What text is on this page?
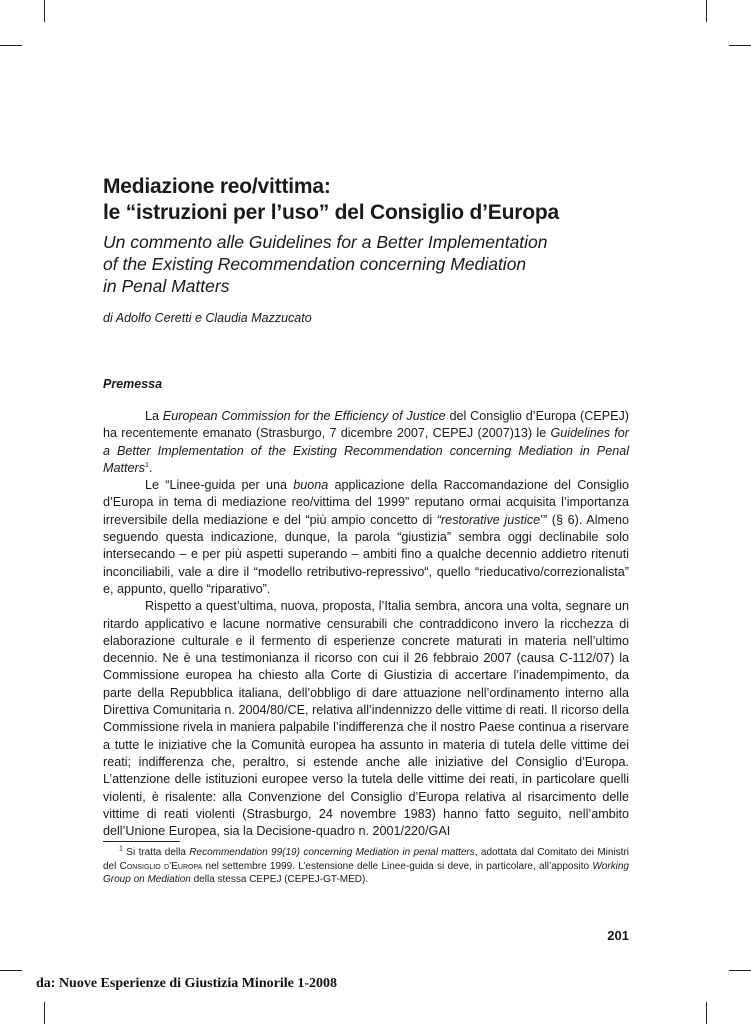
Mediazione reo/vittima:
le “istruzioni per l’uso” del Consiglio d’Europa
Un commento alle Guidelines for a Better Implementation
of the Existing Recommendation concerning Mediation
in Penal Matters

di Adolfo Ceretti e Claudia Mazzucato

Premessa

La European Commission for the Efficiency of Justice del Consiglio d’Europa (CEPEJ) ha recentemente emanato (Strasburgo, 7 dicembre 2007, CEPEJ (2007)13) le Guidelines for a Better Implementation of the Existing Recommendation concerning Mediation in Penal Matters$^1$.

Le “Linee-guida per una buona applicazione della Raccomandazione del Consiglio d’Europa in tema di mediazione reo/vittima del 1999” reputano ormai acquisita l’importanza irreversibile della mediazione e del “più ampio concetto di “restorative justice’” (§ 6). Almeno seguendo questa indicazione, dunque, la parola “giustizia” sembra oggi declinabile solo intersecando – e per più aspetti superando – ambiti fino a qualche decennio addietro ritenuti inconciliabili, vale a dire il “modello retributivo-repressivo“, quello “rieducativo/correzionalista” e, appunto, quello “riparativo”.

Rispetto a quest’ultima, nuova, proposta, l’Italia sembra, ancora una volta, segnare un ritardo applicativo e lacune normative censurabili che contraddicono invero la ricchezza di elaborazione culturale e il fermento di esperienze concrete maturati in materia nell’ultimo decennio. Ne è una testimonianza il ricorso con cui il 26 febbraio 2007 (causa C-112/07) la Commissione europea ha chiesto alla Corte di Giustizia di accertare l’inadempimento, da parte della Repubblica italiana, dell’obbligo di dare attuazione nell’ordinamento interno alla Direttiva Comunitaria n. 2004/80/CE, relativa all’indennizzo delle vittime di reati. Il ricorso della Commissione rivela in maniera palpabile l’indifferenza che il nostro Paese continua a riservare a tutte le iniziative che la Comunità europea ha assunto in materia di tutela delle vittime dei reati; indifferenza che, peraltro, si estende anche alle iniziative del Consiglio d’Europa. L’attenzione delle istituzioni europee verso la tutela delle vittime dei reati, in particolare quelli violenti, è risalente: alla Convenzione del Consiglio d’Europa relativa al risarcimento delle vittime di reati violenti (Strasburgo, 24 novembre 1983) hanno fatto seguito, nell’ambito dell’Unione Europea, sia la Decisione-quadro n. 2001/220/GAI

$^1$ Si tratta della Recommendation 99(19) concerning Mediation in penal matters, adottata dal Comitato dei Ministri del Consiglio d’Europa nel settembre 1999. L’estensione delle Linee-guida si deve, in particolare, all’apposito Working Group on Mediation della stessa CEPEJ (CEPEJ-GT-MED).

201
da: Nuove Esperienze di Giustizia Minorile 1-2008
